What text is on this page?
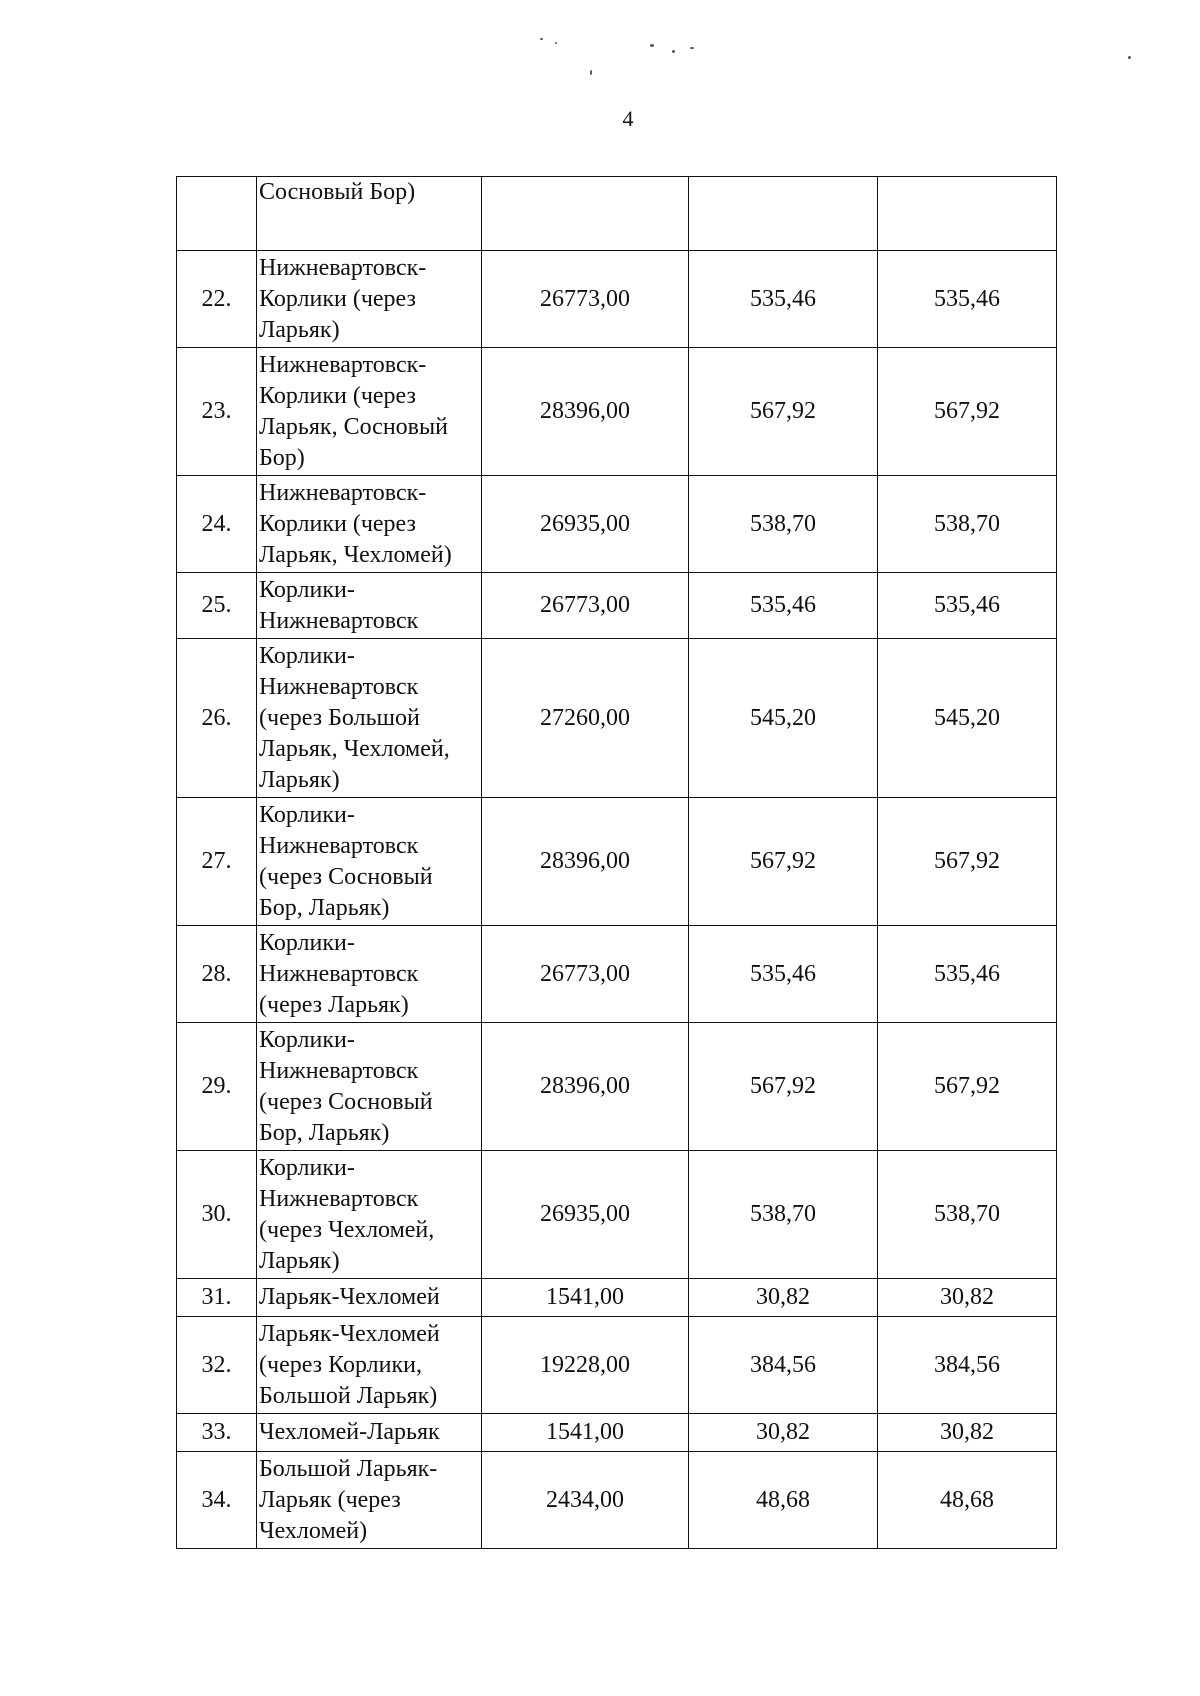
4

	Сосновый Бор)			

22.	Нижневартовск-
Корлики (через
Ларьяк)	26773,00	535,46	535,46
23.	Нижневартовск-
Корлики (через
Ларьяк, Сосновый
Бор)	28396,00	567,92	567,92
24.	Нижневартовск-
Корлики (через
Ларьяк, Чехломей)	26935,00	538,70	538,70
25.	Корлики-
Нижневартовск	26773,00	535,46	535,46
26.	Корлики-
Нижневартовск
(через Большой
Ларьяк, Чехломей,
Ларьяк)	27260,00	545,20	545,20
27.	Корлики-
Нижневартовск
(через Сосновый
Бор, Ларьяк)	28396,00	567,92	567,92
28.	Корлики-
Нижневартовск
(через Ларьяк)	26773,00	535,46	535,46
29.	Корлики-
Нижневартовск
(через Сосновый
Бор, Ларьяк)	28396,00	567,92	567,92
30.	Корлики-
Нижневартовск
(через Чехломей,
Ларьяк)	26935,00	538,70	538,70
31.	Ларьяк-Чехломей	1541,00	30,82	30,82
32.	Ларьяк-Чехломей
(через Корлики,
Большой Ларьяк)	19228,00	384,56	384,56
33.	Чехломей-Ларьяк	1541,00	30,82	30,82
34.	Большой Ларьяк-
Ларьяк (через
Чехломей)	2434,00	48,68	48,68
